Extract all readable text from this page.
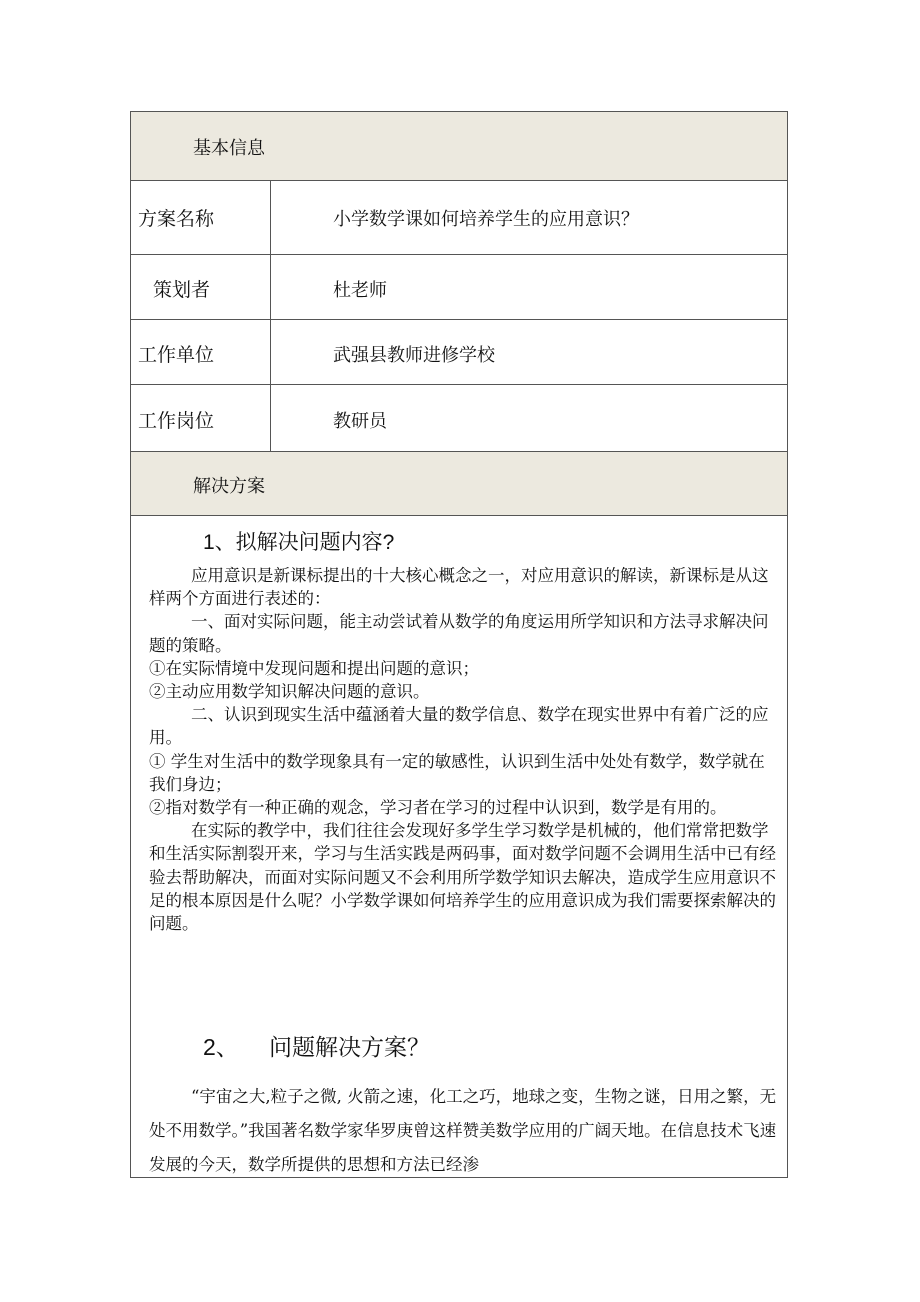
基本信息
方案名称	小学数学课如何培养学生的应用意识？
策划者	杜老师
工作单位	武强县教师进修学校
工作岗位	教研员
解决方案
1、拟解决问题内容?
应用意识是新课标提出的十大核心概念之一，对应用意识的解读，新课标是从这样两个方面进行表述的：
一、面对实际问题，能主动尝试着从数学的角度运用所学知识和方法寻求解决问题的策略。
①在实际情境中发现问题和提出问题的意识；
②主动应用数学知识解决问题的意识。
二、认识到现实生活中蕴涵着大量的数学信息、数学在现实世界中有着广泛的应用。
① 学生对生活中的数学现象具有一定的敏感性，认识到生活中处处有数学，数学就在我们身边；
②指对数学有一种正确的观念，学习者在学习的过程中认识到，数学是有用的。
在实际的教学中，我们往往会发现好多学生学习数学是机械的，他们常常把数学和生活实际割裂开来，学习与生活实践是两码事，面对数学问题不会调用生活中已有经验去帮助解决，而面对实际问题又不会利用所学数学知识去解决，造成学生应用意识不足的根本原因是什么呢？小学数学课如何培养学生的应用意识成为我们需要探索解决的问题。
2、 问题解决方案？
“宇宙之大,粒子之微, 火箭之速，化工之巧，地球之变，生物之谜，日用之繁，无处不用数学。”我国著名数学家华罗庚曾这样赞美数学应用的广阔天地。在信息技术飞速发展的今天，数学所提供的思想和方法已经渗
